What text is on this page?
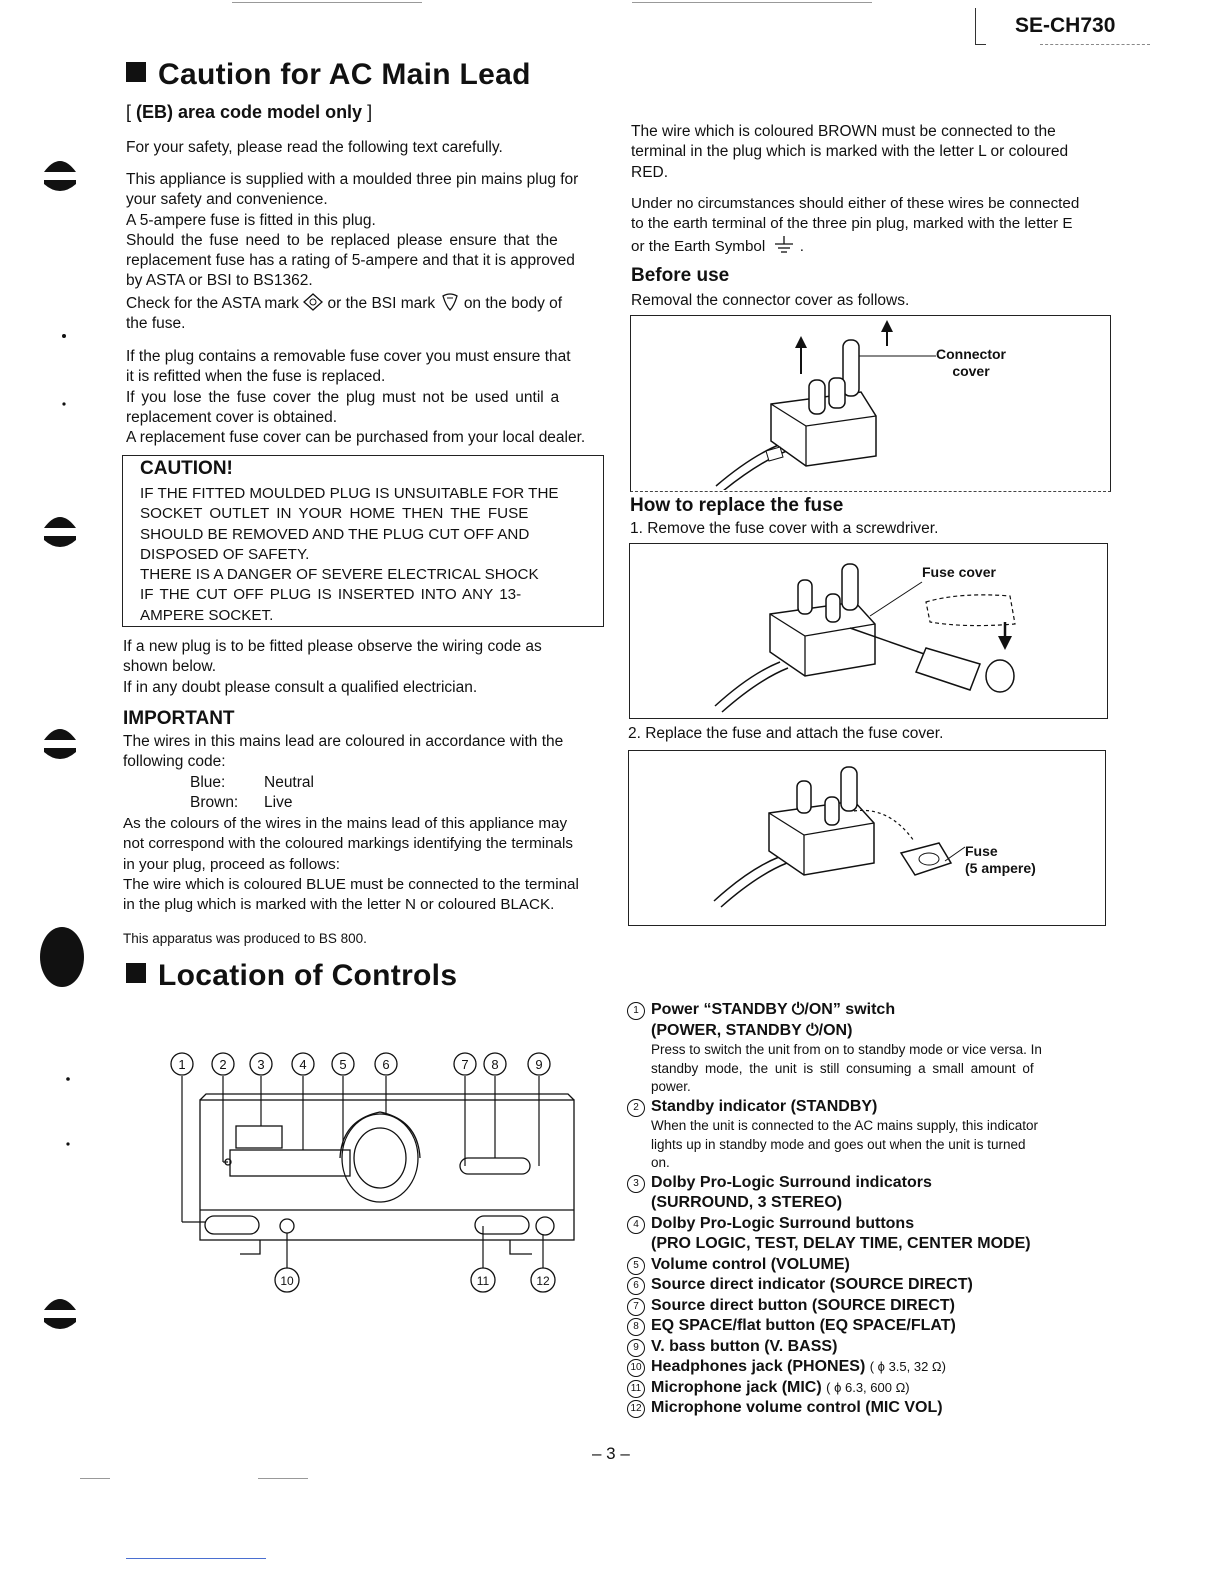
SE-CH730
Caution for AC Main Lead
[ (EB) area code model only ]
For your safety, please read the following text carefully.
This appliance is supplied with a moulded three pin mains plug for
your safety and convenience.
A 5-ampere fuse is fitted in this plug.
Should the fuse need to be replaced please ensure that the
replacement fuse has a rating of 5-ampere and that it is approved
by ASTA or BSI to BS1362.
Check for the ASTA mark or the BSI mark on the body of
the fuse.
If the plug contains a removable fuse cover you must ensure that
it is refitted when the fuse is replaced.
If you lose the fuse cover the plug must not be used until a
replacement cover is obtained.
A replacement fuse cover can be purchased from your local dealer.
CAUTION!
IF THE FITTED MOULDED PLUG IS UNSUITABLE FOR THE
SOCKET OUTLET IN YOUR HOME THEN THE FUSE
SHOULD BE REMOVED AND THE PLUG CUT OFF AND
DISPOSED OF SAFETY.
THERE IS A DANGER OF SEVERE ELECTRICAL SHOCK
IF THE CUT OFF PLUG IS INSERTED INTO ANY 13-
AMPERE SOCKET.
If a new plug is to be fitted please observe the wiring code as
shown below.
If in any doubt please consult a qualified electrician.
IMPORTANT
The wires in this mains lead are coloured in accordance with the
following code:
Blue: Neutral
Brown: Live
As the colours of the wires in the mains lead of this appliance may
not correspond with the coloured markings identifying the terminals
in your plug, proceed as follows:
The wire which is coloured BLUE must be connected to the terminal
in the plug which is marked with the letter N or coloured BLACK.
This apparatus was produced to BS 800.
The wire which is coloured BROWN must be connected to the
terminal in the plug which is marked with the letter L or coloured
RED.
Under no circumstances should either of these wires be connected
to the earth terminal of the three pin plug, marked with the letter E
or the Earth Symbol .
Before use
Removal the connector cover as follows.
Connector
cover
How to replace the fuse
1. Remove the fuse cover with a screwdriver.
Fuse cover
2. Replace the fuse and attach the fuse cover.
Fuse
(5 ampere)
Location of Controls
1	2 3	4	5	6	7 8	9
10	11	12
1 Power “STANDBY ⏻/ON” switch
(POWER, STANDBY ⏻/ON)
Press to switch the unit from on to standby mode or vice versa. In
standby mode, the unit is still consuming a small amount of
power.
2 Standby indicator (STANDBY)
When the unit is connected to the AC mains supply, this indicator
lights up in standby mode and goes out when the unit is turned
on.
3 Dolby Pro-Logic Surround indicators
(SURROUND, 3 STEREO)
4 Dolby Pro-Logic Surround buttons
(PRO LOGIC, TEST, DELAY TIME, CENTER MODE)
5 Volume control (VOLUME)
6 Source direct indicator (SOURCE DIRECT)
7 Source direct button (SOURCE DIRECT)
8 EQ SPACE/flat button (EQ SPACE/FLAT)
9 V. bass button (V. BASS)
10 Headphones jack (PHONES) ( ϕ 3.5, 32 Ω)
11 Microphone jack (MIC) ( ϕ 6.3, 600 Ω)
12 Microphone volume control (MIC VOL)
– 3 –
